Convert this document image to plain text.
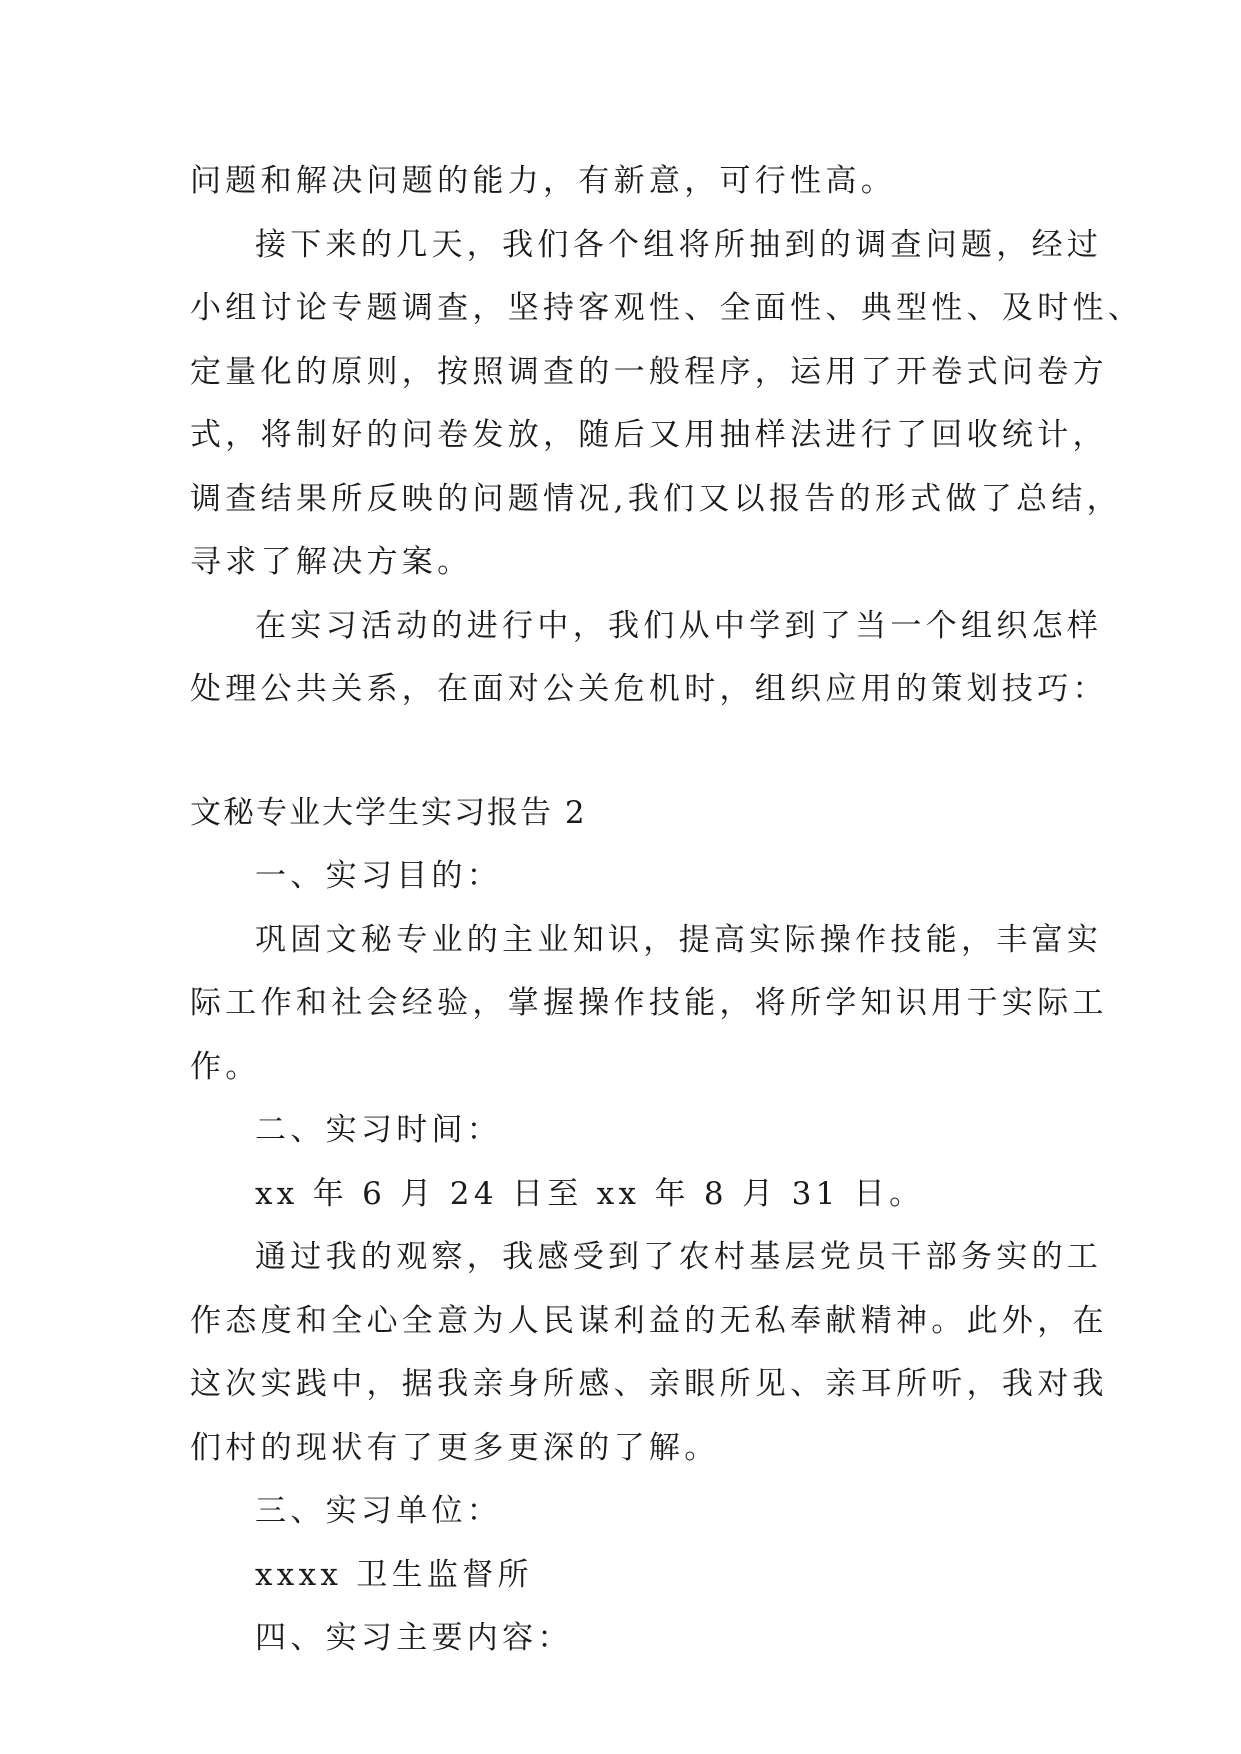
问题和解决问题的能力，有新意，可行性高。
接下来的几天，我们各个组将所抽到的调查问题，经过
小组讨论专题调查，坚持客观性、全面性、典型性、及时性、
定量化的原则，按照调查的一般程序，运用了开卷式问卷方
式，将制好的问卷发放，随后又用抽样法进行了回收统计，
调查结果所反映的问题情况,我们又以报告的形式做了总结，
寻求了解决方案。
在实习活动的进行中，我们从中学到了当一个组织怎样
处理公共关系，在面对公关危机时，组织应用的策划技巧：
文秘专业大学生实习报告 2
一、实习目的：
巩固文秘专业的主业知识，提高实际操作技能，丰富实
际工作和社会经验，掌握操作技能，将所学知识用于实际工
作。
二、实习时间：
xx 年 6 月 24 日至 xx 年 8 月 31 日。
通过我的观察，我感受到了农村基层党员干部务实的工
作态度和全心全意为人民谋利益的无私奉献精神。此外，在
这次实践中，据我亲身所感、亲眼所见、亲耳所听，我对我
们村的现状有了更多更深的了解。
三、实习单位：
xxxx 卫生监督所
四、实习主要内容：
